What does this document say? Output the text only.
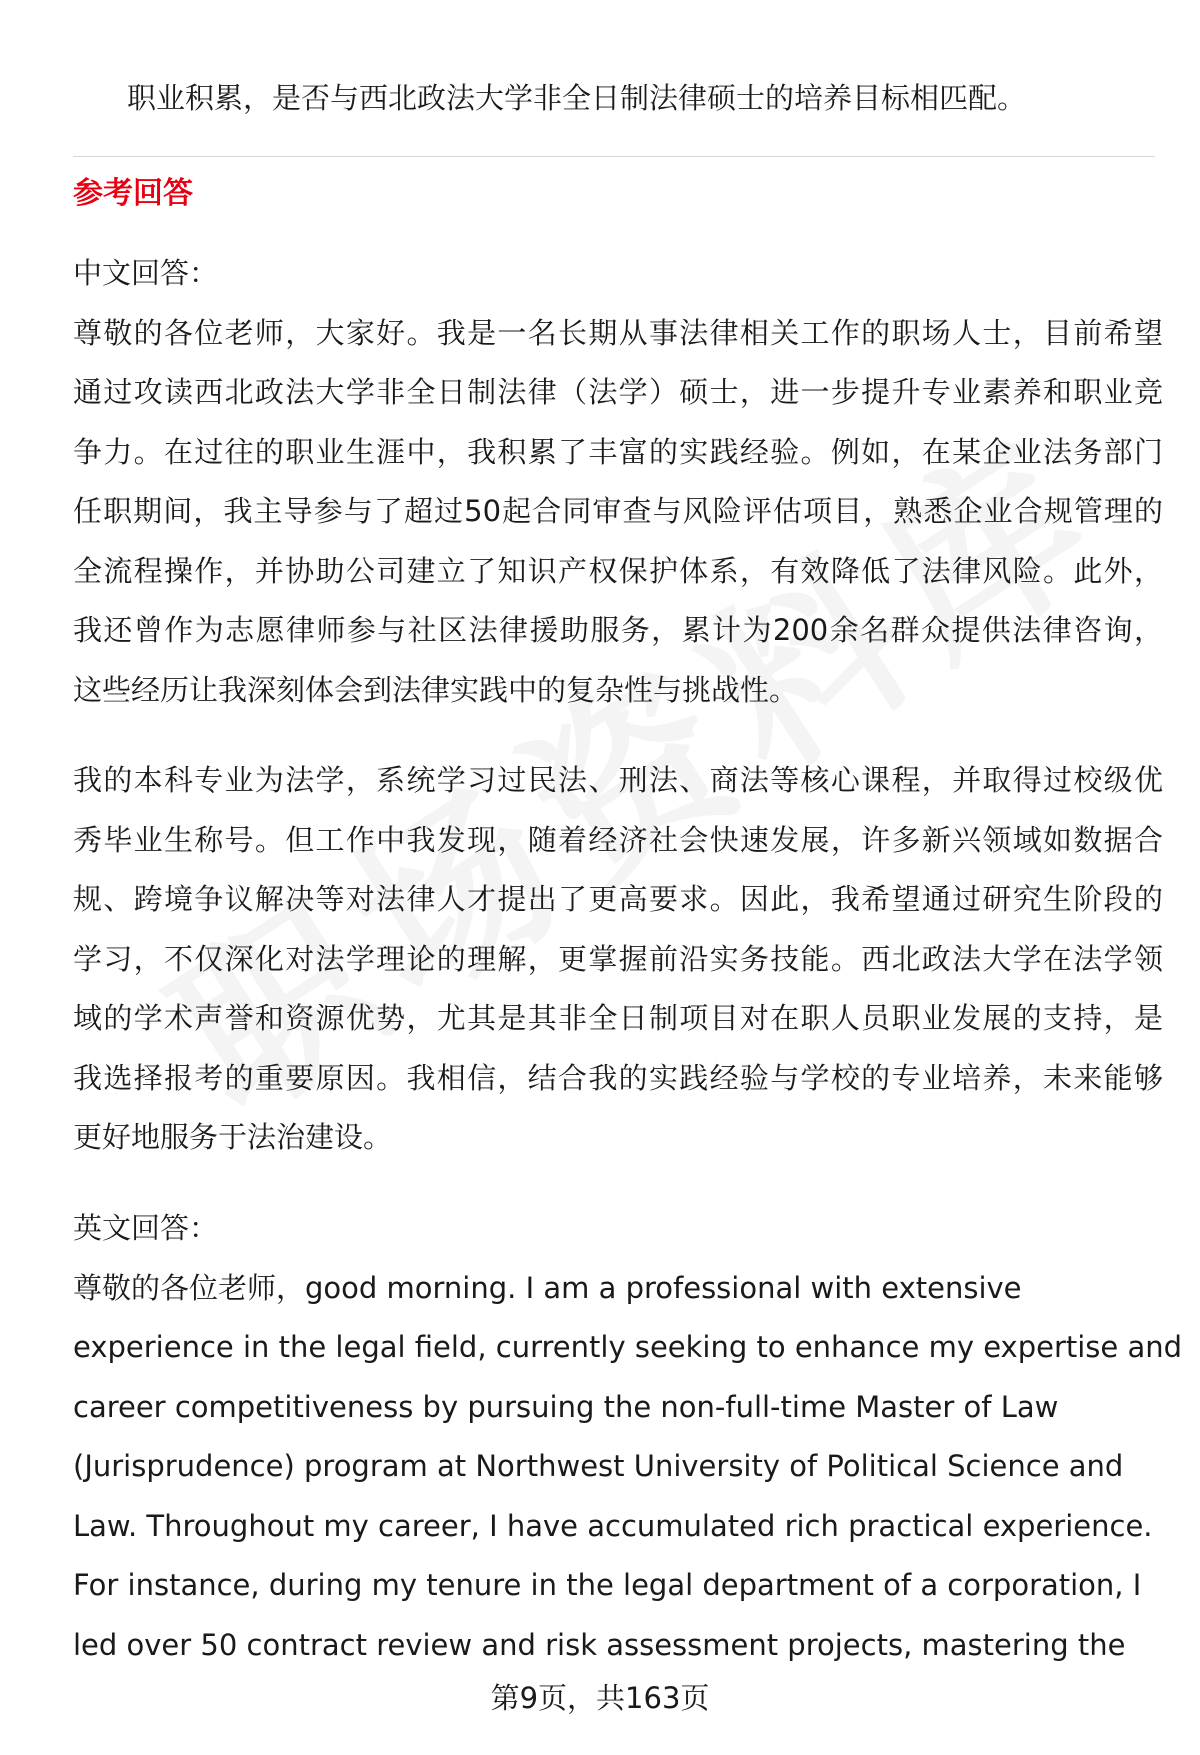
职业积累，是否与西北政法大学非全日制法律硕士的培养目标相匹配。
参考回答
中文回答：
尊敬的各位老师，大家好。我是一名长期从事法律相关工作的职场人士，目前希望
通过攻读西北政法大学非全日制法律（法学）硕士，进一步提升专业素养和职业竞
争力。在过往的职业生涯中，我积累了丰富的实践经验。例如，在某企业法务部门
任职期间，我主导参与了超过50起合同审查与风险评估项目，熟悉企业合规管理的
全流程操作，并协助公司建立了知识产权保护体系，有效降低了法律风险。此外，
我还曾作为志愿律师参与社区法律援助服务，累计为200余名群众提供法律咨询，
这些经历让我深刻体会到法律实践中的复杂性与挑战性。
我的本科专业为法学，系统学习过民法、刑法、商法等核心课程，并取得过校级优
秀毕业生称号。但工作中我发现，随着经济社会快速发展，许多新兴领域如数据合
规、跨境争议解决等对法律人才提出了更高要求。因此，我希望通过研究生阶段的
学习，不仅深化对法学理论的理解，更掌握前沿实务技能。西北政法大学在法学领
域的学术声誉和资源优势，尤其是其非全日制项目对在职人员职业发展的支持，是
我选择报考的重要原因。我相信，结合我的实践经验与学校的专业培养，未来能够
更好地服务于法治建设。
英文回答：
尊敬的各位老师，good morning. I am a professional with extensive
experience in the legal field, currently seeking to enhance my expertise and
career competitiveness by pursuing the non-full-time Master of Law
(Jurisprudence) program at Northwest University of Political Science and
Law. Throughout my career, I have accumulated rich practical experience.
For instance, during my tenure in the legal department of a corporation, I
led over 50 contract review and risk assessment projects, mastering the
第9页，共163页
